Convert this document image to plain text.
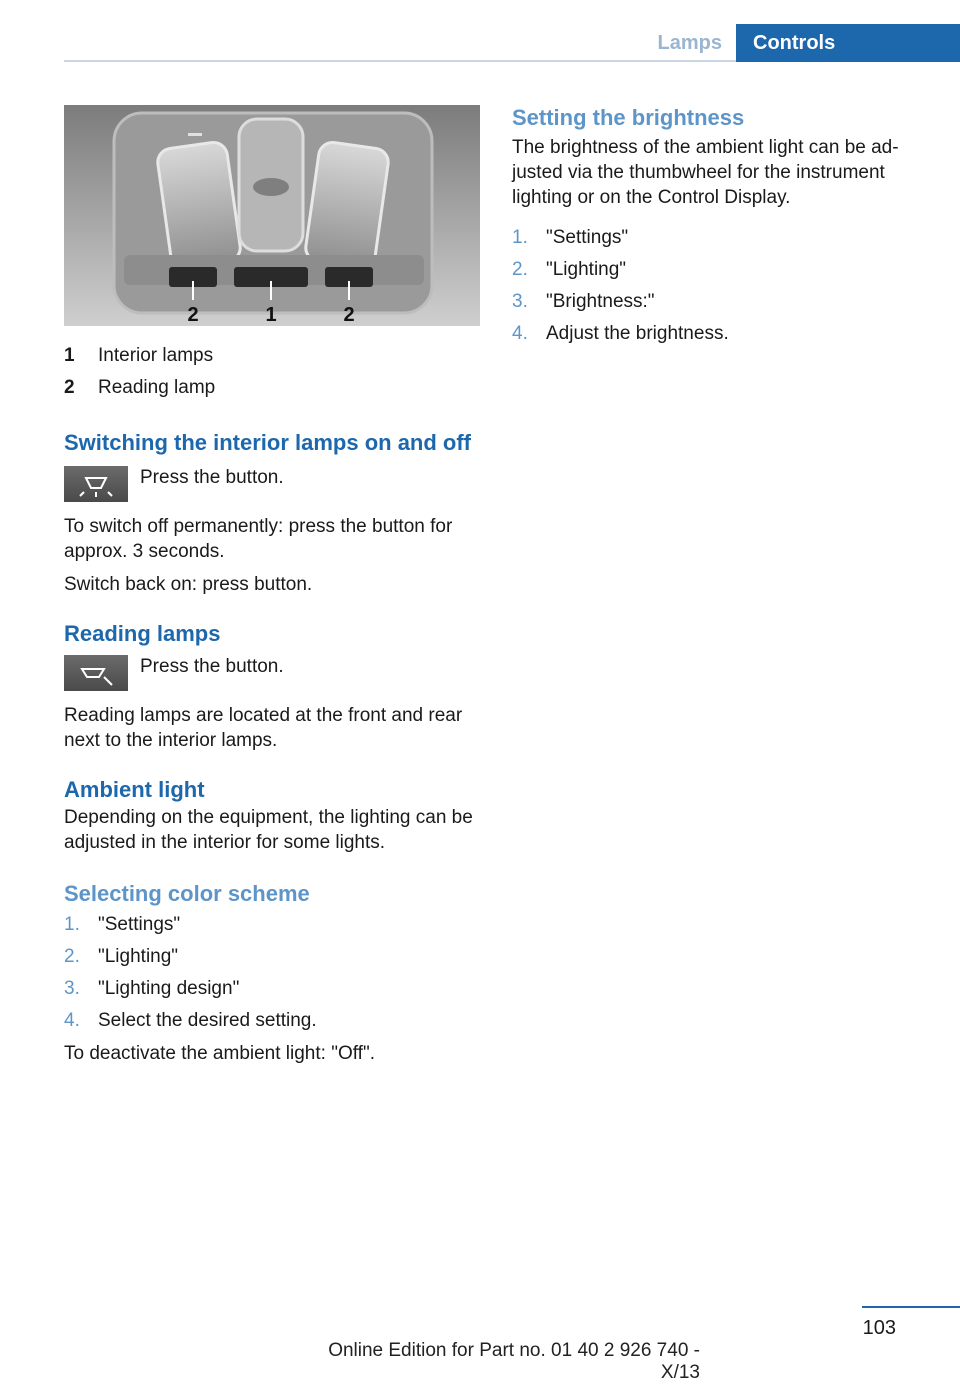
Lamps	Controls
2	1	2
1	Interior lamps
2	Reading lamp
Switching the interior lamps on and off
Press the button.

To switch off permanently: press the button for approx. 3 seconds.

Switch back on: press button.

Reading lamps
Press the button.

Reading lamps are located at the front and rear next to the interior lamps.

Ambient light

Depending on the equipment, the lighting can be adjusted in the interior for some lights.

Selecting color scheme
1. "Settings"
2. "Lighting"
3. "Lighting design"
4. Select the desired setting.

To deactivate the ambient light: "Off".

Setting the brightness

The brightness of the ambient light can be ad‐justed via the thumbwheel for the instrument lighting or on the Control Display.

1. "Settings"
2. "Lighting"
3. "Brightness:"
4. Adjust the brightness.
103
Online Edition for Part no. 01 40 2 926 740 - X/13
